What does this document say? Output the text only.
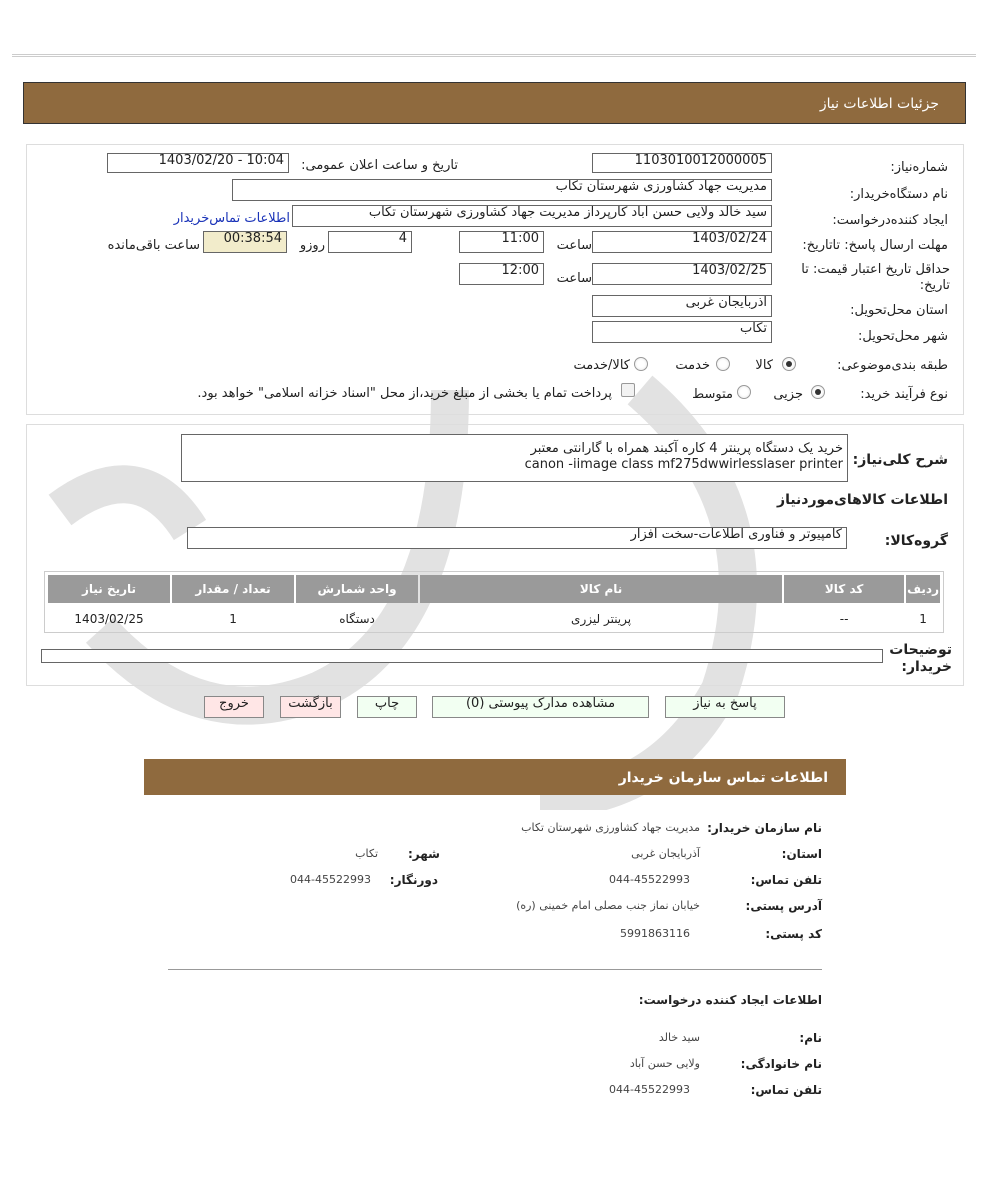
جزئیات اطلاعات نیاز
شماره‌نیاز:
1103010012000005
تاریخ و ساعت اعلان عمومی:
1403/02/20 - 10:04
نام دستگاه‌خریدار:
مدیریت جهاد کشاورزی شهرستان تکاب
ایجاد کننده‌درخواست:
سید خالد ولایی حسن اباد کارپرداز مدیریت جهاد کشاورزی شهرستان تکاب
اطلاعات تماس‌خریدار
مهلت ارسال پاسخ: تاتاریخ:
1403/02/24
ساعت
11:00
4
روزو
00:38:54
ساعت باقی‌مانده
حداقل تاریخ اعتبار قیمت: تا تاریخ:
1403/02/25
ساعت
12:00
استان محل‌تحویل:
آذربایجان غربی
شهر محل‌تحویل:
تکاب
طبقه بندی‌موضوعی:
کالا
خدمت
کالا/خدمت
نوع فرآیند خرید:
جزیی
متوسط
پرداخت تمام یا بخشی از مبلغ خرید،از محل "اسناد خزانه اسلامی" خواهد بود.
شرح کلی‌نیاز:
خرید یک دستگاه پرینتر 4 کاره آکبند همراه با گارانتی معتبر
canon -iimage class mf275dwwirlesslaser printer
اطلاعات کالاهای‌موردنیاز
گروه‌کالا:
کامپیوتر و فناوری اطلاعات-سخت افزار
ردیف	کد کالا	نام کالا	واحد شمارش	تعداد / مقدار	تاریخ نیاز
1	--	پرینتر لیزری	دستگاه	1	1403/02/25
توضیحات خریدار:
پاسخ به نیاز
مشاهده مدارک پیوستی (0)
چاپ
بازگشت
خروج
اطلاعات تماس سازمان خریدار
نام سازمان خریدار:
مدیریت جهاد کشاورزی شهرستان تکاب
استان:
آذربایجان غربی
شهر:
تکاب
تلفن تماس:
044-45522993
دورنگار:
044-45522993
آدرس پستی:
خیابان نماز جنب مصلی امام خمینی (ره)
کد پستی:
5991863116
اطلاعات ایجاد کننده درخواست:
نام:
سید خالد
نام خانوادگی:
ولایی حسن آباد
تلفن تماس:
044-45522993
